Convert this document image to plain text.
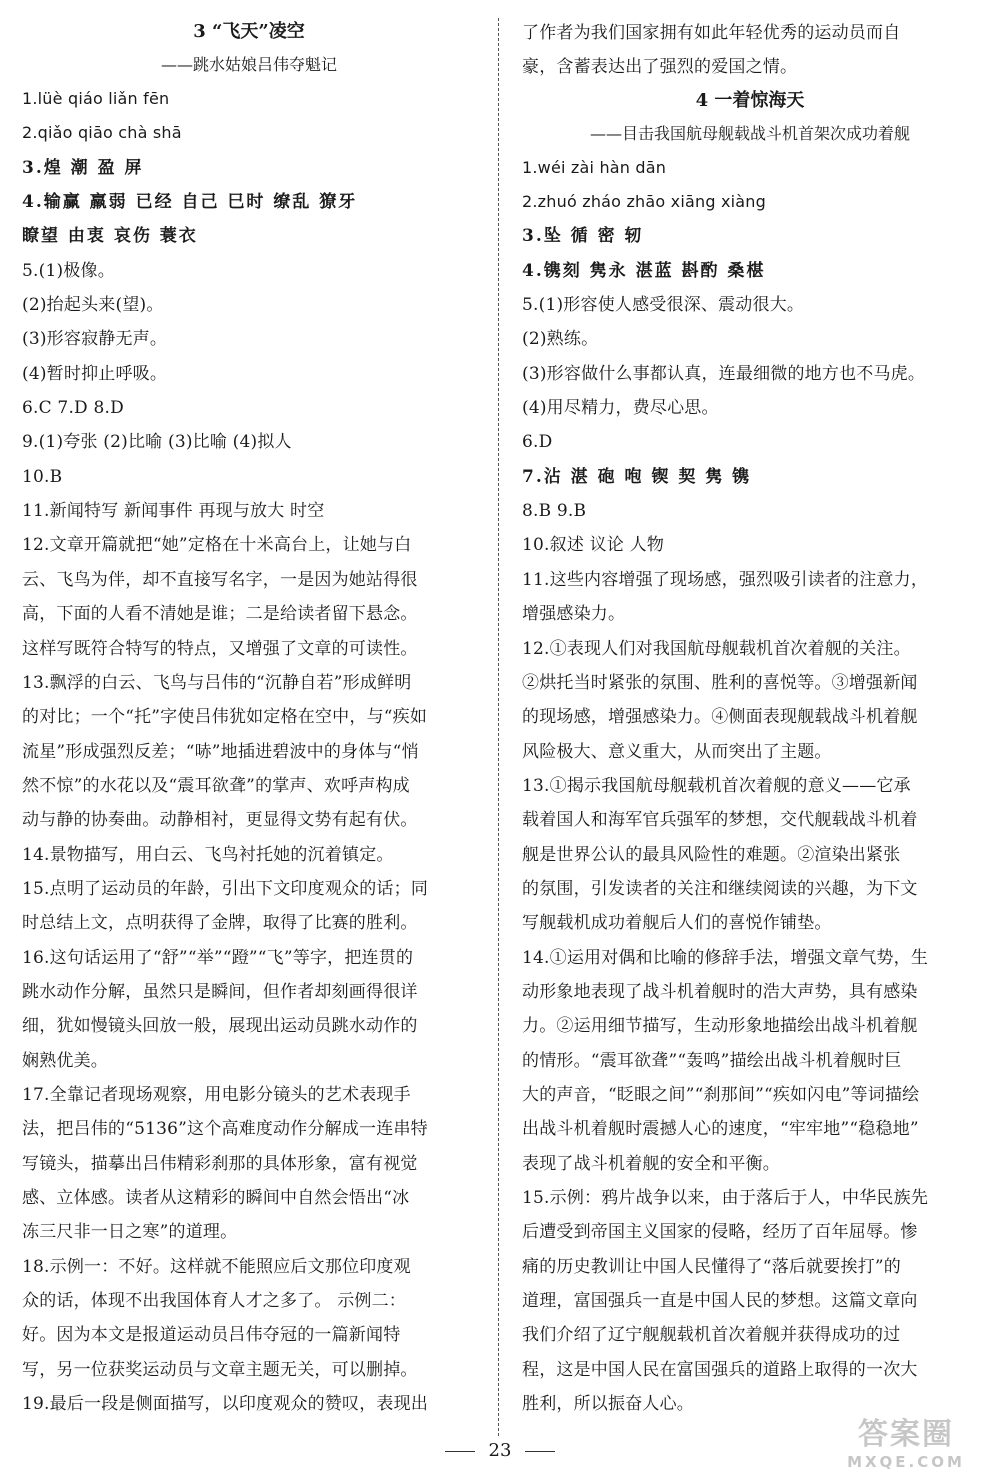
3 “飞天”凌空
——跳水姑娘吕伟夺魁记
1.lüè qiáo liǎn fēn
2.qiǎo qiāo chà shā
3.煌 潮 盈 屏
4.输赢 羸弱 已经 自己 巳时 缭乱 獠牙
瞭望 由衷 哀伤 蓑衣
5.(1)极像。
(2)抬起头来(望)。
(3)形容寂静无声。
(4)暂时抑止呼吸。
6.C 7.D 8.D
9.(1)夸张 (2)比喻 (3)比喻 (4)拟人
10.B
11.新闻特写 新闻事件 再现与放大 时空
12.文章开篇就把“她”定格在十米高台上，让她与白
云、飞鸟为伴，却不直接写名字，一是因为她站得很
高，下面的人看不清她是谁；二是给读者留下悬念。
这样写既符合特写的特点，又增强了文章的可读性。
13.飘浮的白云、飞鸟与吕伟的“沉静自若”形成鲜明
的对比；一个“托”字使吕伟犹如定格在空中，与“疾如
流星”形成强烈反差；“哧”地插进碧波中的身体与“悄
然不惊”的水花以及“震耳欲聋”的掌声、欢呼声构成
动与静的协奏曲。动静相衬，更显得文势有起有伏。
14.景物描写，用白云、飞鸟衬托她的沉着镇定。
15.点明了运动员的年龄，引出下文印度观众的话；同
时总结上文，点明获得了金牌，取得了比赛的胜利。
16.这句话运用了“舒”“举”“蹬”“飞”等字，把连贯的
跳水动作分解，虽然只是瞬间，但作者却刻画得很详
细，犹如慢镜头回放一般，展现出运动员跳水动作的
娴熟优美。
17.全靠记者现场观察，用电影分镜头的艺术表现手
法，把吕伟的“5136”这个高难度动作分解成一连串特
写镜头，描摹出吕伟精彩刹那的具体形象，富有视觉
感、立体感。读者从这精彩的瞬间中自然会悟出“冰
冻三尺非一日之寒”的道理。
18.示例一：不好。这样就不能照应后文那位印度观
众的话，体现不出我国体育人才之多了。 示例二：
好。因为本文是报道运动员吕伟夺冠的一篇新闻特
写，另一位获奖运动员与文章主题无关，可以删掉。
19.最后一段是侧面描写，以印度观众的赞叹，表现出
了作者为我们国家拥有如此年轻优秀的运动员而自
豪，含蓄表达出了强烈的爱国之情。
4 一着惊海天
——目击我国航母舰载战斗机首架次成功着舰
1.wéi zài hàn dān
2.zhuó zháo zhāo xiāng xiàng
3.坠 循 密 轫
4.镌刻 隽永 湛蓝 斟酌 桑椹
5.(1)形容使人感受很深、震动很大。
(2)熟练。
(3)形容做什么事都认真，连最细微的地方也不马虎。
(4)用尽精力，费尽心思。
6.D
7.沾 湛 砲 咆 锲 契 隽 镌
8.B 9.B
10.叙述 议论 人物
11.这些内容增强了现场感，强烈吸引读者的注意力，
增强感染力。
12.①表现人们对我国航母舰载机首次着舰的关注。
②烘托当时紧张的氛围、胜利的喜悦等。③增强新闻
的现场感，增强感染力。④侧面表现舰载战斗机着舰
风险极大、意义重大，从而突出了主题。
13.①揭示我国航母舰载机首次着舰的意义——它承
载着国人和海军官兵强军的梦想，交代舰载战斗机着
舰是世界公认的最具风险性的难题。②渲染出紧张
的氛围，引发读者的关注和继续阅读的兴趣，为下文
写舰载机成功着舰后人们的喜悦作铺垫。
14.①运用对偶和比喻的修辞手法，增强文章气势，生
动形象地表现了战斗机着舰时的浩大声势，具有感染
力。②运用细节描写，生动形象地描绘出战斗机着舰
的情形。“震耳欲聋”“轰鸣”描绘出战斗机着舰时巨
大的声音，“眨眼之间”“刹那间”“疾如闪电”等词描绘
出战斗机着舰时震撼人心的速度，“牢牢地”“稳稳地”
表现了战斗机着舰的安全和平衡。
15.示例：鸦片战争以来，由于落后于人，中华民族先
后遭受到帝国主义国家的侵略，经历了百年屈辱。惨
痛的历史教训让中国人民懂得了“落后就要挨打”的
道理，富国强兵一直是中国人民的梦想。这篇文章向
我们介绍了辽宁舰舰载机首次着舰并获得成功的过
程，这是中国人民在富国强兵的道路上取得的一次大
胜利，所以振奋人心。
23	答案圈
MXQE.COM
